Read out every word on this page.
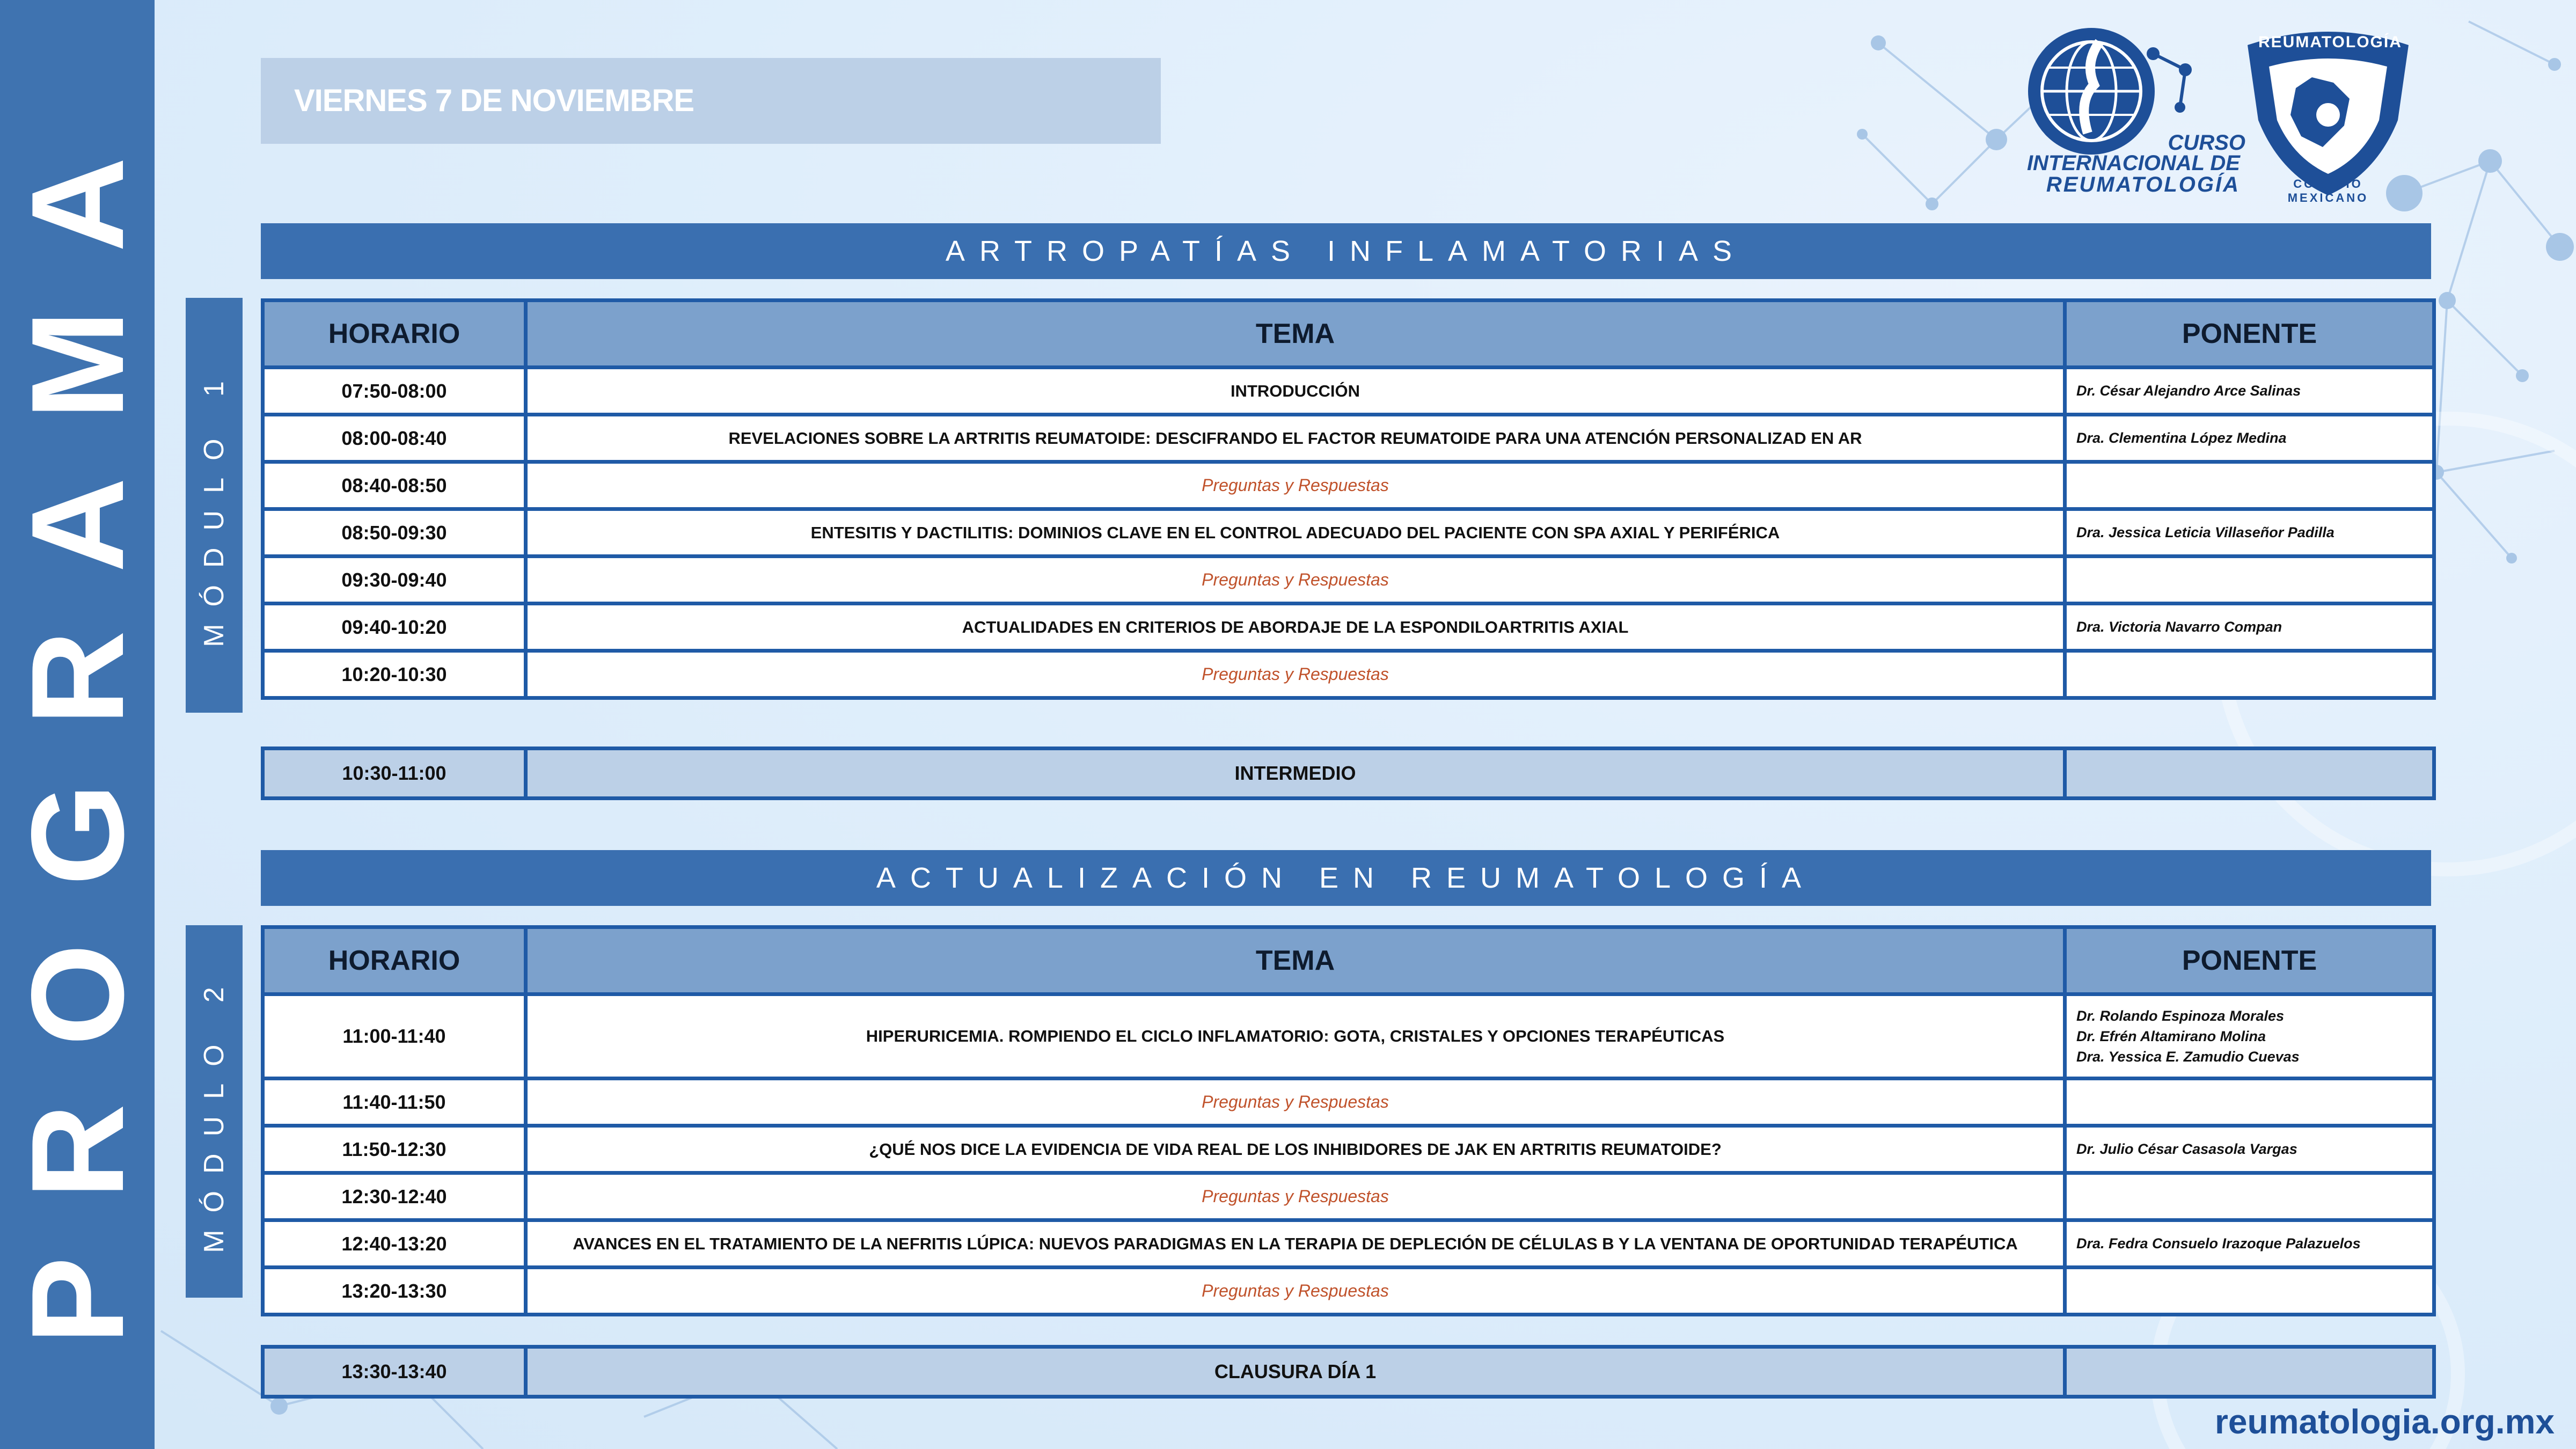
PROGRAMA	VIERNES 7 DE NOVIEMBRE
CURSO
INTERNACIONAL DE
REUMATOLOGÍA
REUMATOLOGÍA
COLEGIO MEXICANO
ARTROPATÍAS INFLAMATORIAS
MÓDULO 1
HORARIO	TEMA	PONENTE
07:50-08:00	INTRODUCCIÓN	Dr. César Alejandro Arce Salinas
08:00-08:40	REVELACIONES SOBRE LA ARTRITIS REUMATOIDE: DESCIFRANDO EL FACTOR REUMATOIDE PARA UNA ATENCIÓN PERSONALIZAD EN AR	Dra. Clementina López Medina
08:40-08:50	Preguntas y Respuestas	
08:50-09:30	ENTESITIS Y DACTILITIS: DOMINIOS CLAVE EN EL CONTROL ADECUADO DEL PACIENTE CON SPA AXIAL Y PERIFÉRICA	Dra. Jessica Leticia Villaseñor Padilla
09:30-09:40	Preguntas y Respuestas	
09:40-10:20	ACTUALIDADES EN CRITERIOS DE ABORDAJE DE LA ESPONDILOARTRITIS AXIAL	Dra. Victoria Navarro Compan
10:20-10:30	Preguntas y Respuestas	
10:30-11:00	INTERMEDIO	
ACTUALIZACIÓN EN REUMATOLOGÍA
MÓDULO 2
HORARIO	TEMA	PONENTE
11:00-11:40	HIPERURICEMIA. ROMPIENDO EL CICLO INFLAMATORIO: GOTA, CRISTALES Y OPCIONES TERAPÉUTICAS	Dr. Rolando Espinoza Morales
Dr. Efrén Altamirano Molina
Dra. Yessica E. Zamudio Cuevas

11:40-11:50	Preguntas y Respuestas	
11:50-12:30	¿QUÉ NOS DICE LA EVIDENCIA DE VIDA REAL DE LOS INHIBIDORES DE JAK EN ARTRITIS REUMATOIDE?	Dr. Julio César Casasola Vargas
12:30-12:40	Preguntas y Respuestas	
12:40-13:20	AVANCES EN EL TRATAMIENTO DE LA NEFRITIS LÚPICA: NUEVOS PARADIGMAS EN LA TERAPIA DE DEPLECIÓN DE CÉLULAS B Y LA VENTANA DE OPORTUNIDAD TERAPÉUTICA	Dra. Fedra Consuelo Irazoque Palazuelos
13:20-13:30	Preguntas y Respuestas	
13:30-13:40	CLAUSURA DÍA 1	
reumatologia.org.mx
